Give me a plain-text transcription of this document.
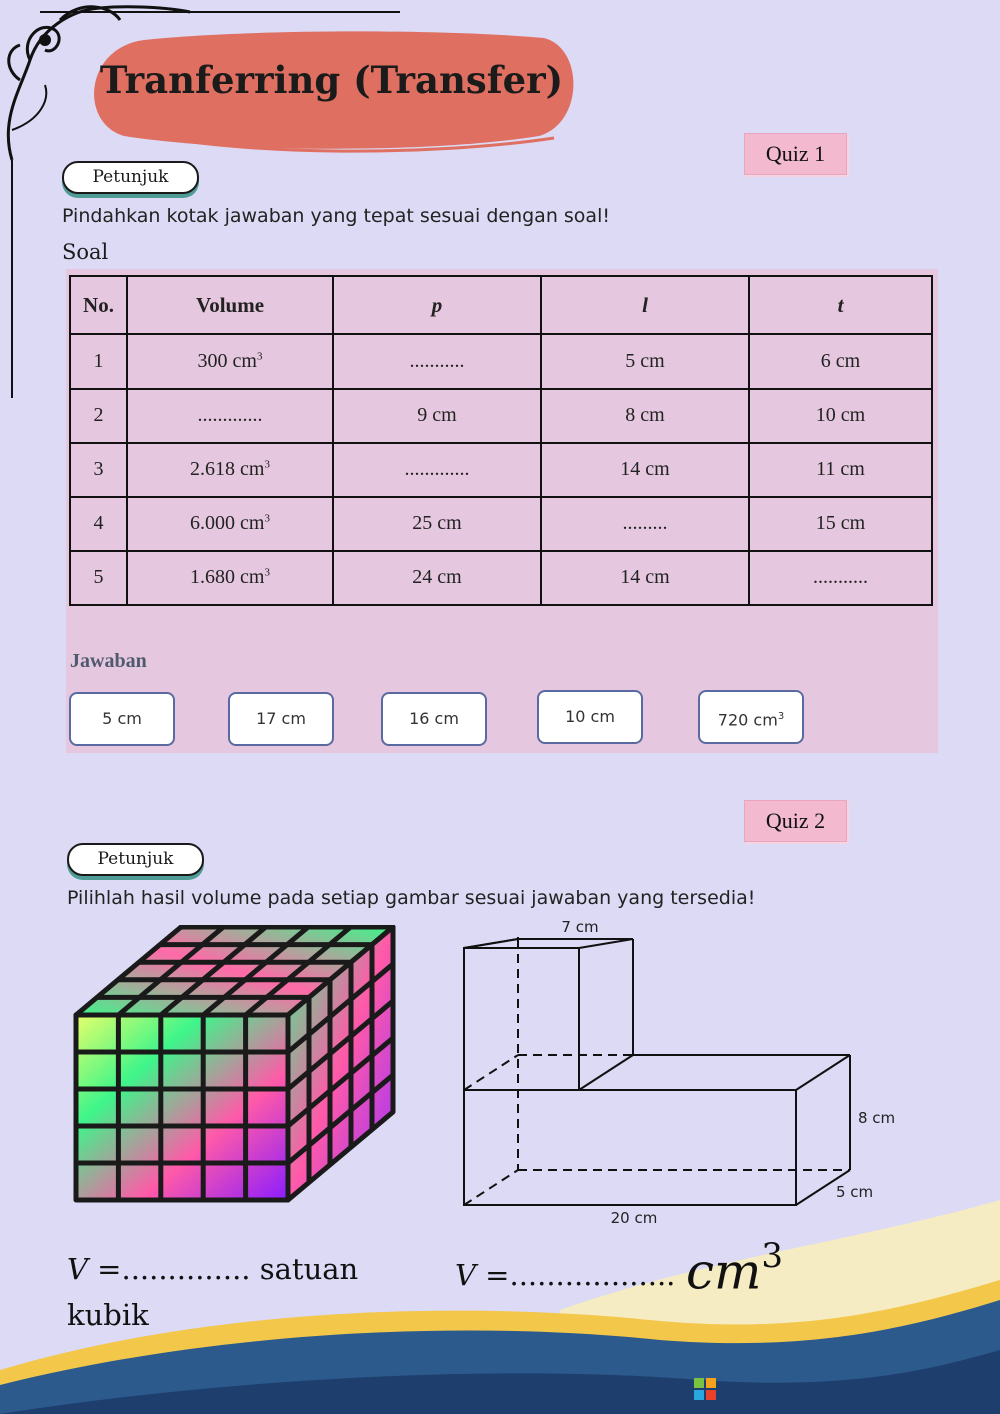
Tranferring (Transfer)
Quiz 1
Petunjuk
Pindahkan kotak jawaban yang tepat sesuai dengan soal!
Soal
No.	Volume	p	l	t
1	300 $cm^3$	...........	5 cm	6 cm
2	.............	9 cm	8 cm	10 cm
3	2.618 $cm^3$	.............	14 cm	11 cm
4	6.000 $cm^3$	25 cm	.........	15 cm
5	1.680 $cm^3$	24 cm	14 cm	...........
Jawaban
5 cm	17 cm	16 cm	10 cm	720 $cm^3$
Quiz 2
Petunjuk
Pilihlah hasil volume pada setiap gambar sesuai jawaban yang tersedia!
7 cm
8 cm
5 cm
20 cm
V =.............. satuan
kubik
V =.................. $cm^3$
